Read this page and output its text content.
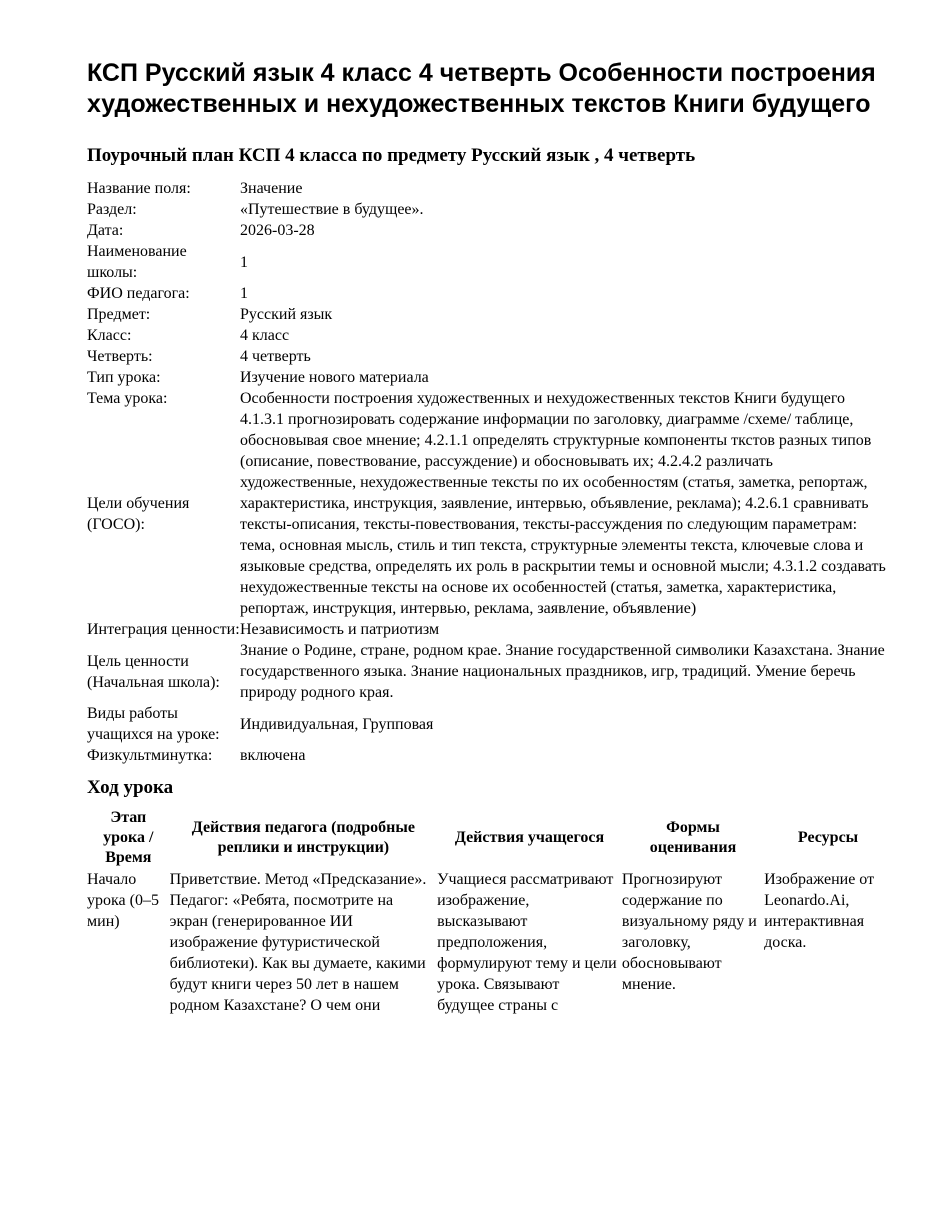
КСП Русский язык 4 класс 4 четверть Особенности построения художественных и нехудожественных текстов Книги будущего
Поурочный план КСП 4 класса по предмету Русский язык , 4 четверть
Название поля:	Значение
Раздел:	«Путешествие в будущее».
Дата:	2026-03-28
Наименование школы:	1
ФИО педагога:	1
Предмет:	Русский язык
Класс:	4 класс
Четверть:	4 четверть
Тип урока:	Изучение нового материала
Тема урока:	Особенности построения художественных и нехудожественных текстов Книги будущего
Цели обучения (ГОСО):	4.1.3.1 прогнозировать содержание информации по заголовку, диаграмме /схеме/ таблице, обосновывая свое мнение; 4.2.1.1 определять структурные компоненты ткстов разных типов (описание, повествование, рассуждение) и обосновывать их; 4.2.4.2 различать художественные, нехудожественные тексты по их особенностям (статья, заметка, репортаж, характеристика, инструкция, заявление, интервью, объявление, реклама); 4.2.6.1 сравнивать тексты-описания, тексты-повествования, тексты-рассуждения по следующим параметрам: тема, основная мысль, стиль и тип текста, структурные элементы текста, ключевые слова и языковые средства, определять их роль в раскрытии темы и основной мысли; 4.3.1.2 создавать нехудожественные тексты на основе их особенностей (статья, заметка, характеристика, репортаж, инструкция, интервью, реклама, заявление, объявление)
Интеграция ценности:	Независимость и патриотизм
Цель ценности (Начальная школа):	Знание о Родине, стране, родном крае. Знание государственной символики Казахстана. Знание государственного языка. Знание национальных праздников, игр, традиций. Умение беречь природу родного края.
Виды работы учащихся на уроке:	Индивидуальная, Групповая
Физкультминутка:	включена
Ход урока
Этап урока / Время	Действия педагога (подробные реплики и инструкции)	Действия учащегося	Формы оценивания	Ресурсы
Начало урока (0–5 мин)	Приветствие. Метод «Предсказание». Педагог: «Ребята, посмотрите на экран (генерированное ИИ изображение футуристической библиотеки). Как вы думаете, какими будут книги через 50 лет в нашем родном Казахстане? О чем они	Учащиеся рассматривают изображение, высказывают предположения, формулируют тему и цели урока. Связывают будущее страны с	Прогнозируют содержание по визуальному ряду и заголовку, обосновывают мнение.	Изображение от Leonardo.Ai, интерактивная доска.
